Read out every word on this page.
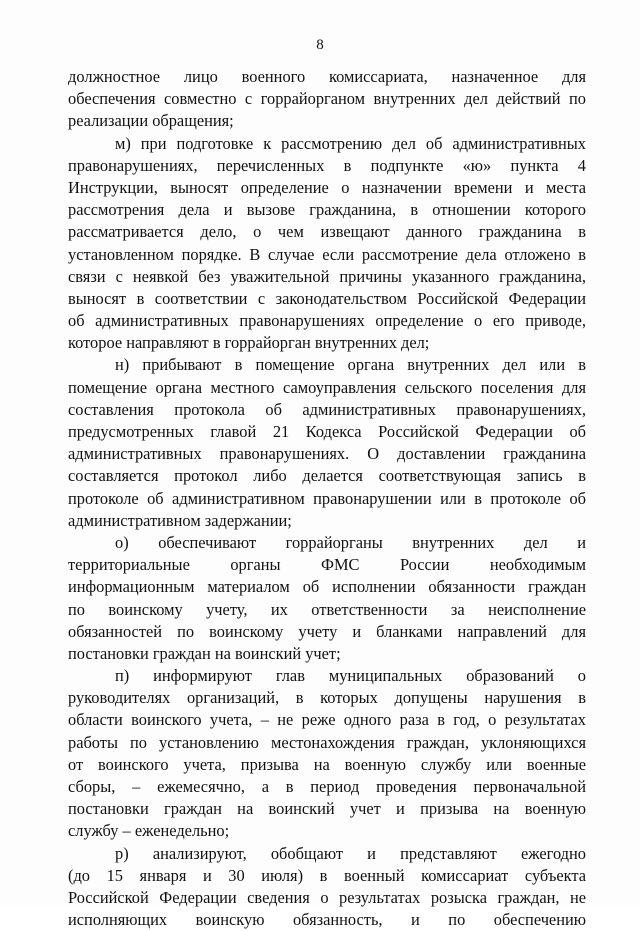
8
должностное лицо военного комиссариата, назначенное для
обеспечения совместно с горрайорганом внутренних дел действий по
реализации обращения;
м) при подготовке к рассмотрению дел об административных
правонарушениях, перечисленных в подпункте «ю» пункта 4
Инструкции, выносят определение о назначении времени и места
рассмотрения дела и вызове гражданина, в отношении которого
рассматривается дело, о чем извещают данного гражданина в
установленном порядке. В случае если рассмотрение дела отложено в
связи с неявкой без уважительной причины указанного гражданина,
выносят в соответствии с законодательством Российской Федерации
об административных правонарушениях определение о его приводе,
которое направляют в горрайорган внутренних дел;
н) прибывают в помещение органа внутренних дел или в
помещение органа местного самоуправления сельского поселения для
составления протокола об административных правонарушениях,
предусмотренных главой 21 Кодекса Российской Федерации об
административных правонарушениях. О доставлении гражданина
составляется протокол либо делается соответствующая запись в
протоколе об административном правонарушении или в протоколе об
административном задержании;
о) обеспечивают горрайорганы внутренних дел и
территориальные органы ФМС России необходимым
информационным материалом об исполнении обязанности граждан
по воинскому учету, их ответственности за неисполнение
обязанностей по воинскому учету и бланками направлений для
постановки граждан на воинский учет;
п) информируют глав муниципальных образований о
руководителях организаций, в которых допущены нарушения в
области воинского учета, – не реже одного раза в год, о результатах
работы по установлению местонахождения граждан, уклоняющихся
от воинского учета, призыва на военную службу или военные
сборы, – ежемесячно, а в период проведения первоначальной
постановки граждан на воинский учет и призыва на военную
службу – еженедельно;
р) анализируют, обобщают и представляют ежегодно
(до 15 января и 30 июля) в военный комиссариат субъекта
Российской Федерации сведения о результатах розыска граждан, не
исполняющих воинскую обязанность, и по обеспечению
